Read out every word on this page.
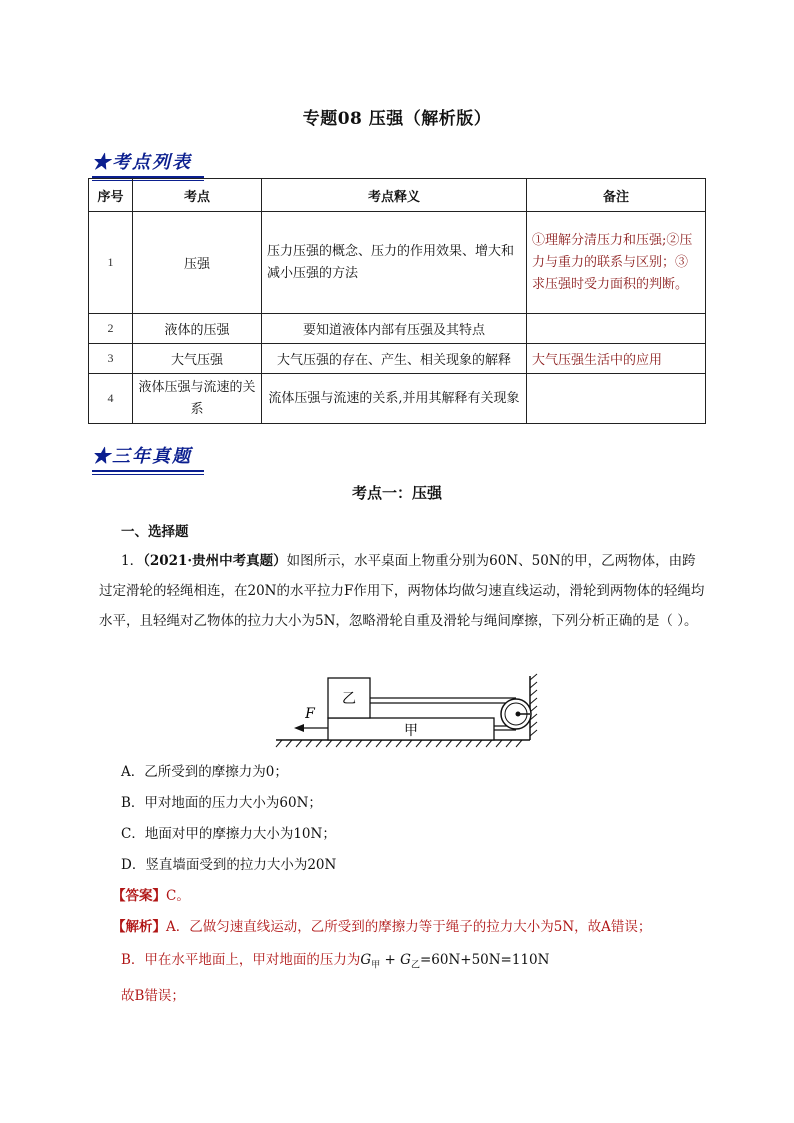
专题08 压强（解析版）
★考点列表
序号	考点	考点释义	备注
1	压强	压力压强的概念、压力的作用效果、增大和减小压强的方法	①理解分清压力和压强;②压力与重力的联系与区别；③求压强时受力面积的判断。
2	液体的压强	要知道液体内部有压强及其特点	
3	大气压强	大气压强的存在、产生、相关现象的解释	大气压强生活中的应用
4	液体压强与流速的关系	流体压强与流速的关系,并用其解释有关现象	
★三年真题
考点一：压强
一、选择题
1．（2021·贵州中考真题）如图所示，水平桌面上物重分别为60N、50N的甲，乙两物体，由跨过定滑轮的轻绳相连，在20N的水平拉力F作用下，两物体均做匀速直线运动，滑轮到两物体的轻绳均水平，且轻绳对乙物体的拉力大小为5N，忽略滑轮自重及滑轮与绳间摩擦，下列分析正确的是（ ）。
甲
乙
F
A．乙所受到的摩擦力为0；
B．甲对地面的压力大小为60N；
C．地面对甲的摩擦力大小为10N；
D．竖直墙面受到的拉力大小为20N
【答案】C。
【解析】A．乙做匀速直线运动，乙所受到的摩擦力等于绳子的拉力大小为5N，故A错误；
B．甲在水平地面上，甲对地面的压力为$G_甲 + G_乙=60N+50N=110N$
故B错误；
